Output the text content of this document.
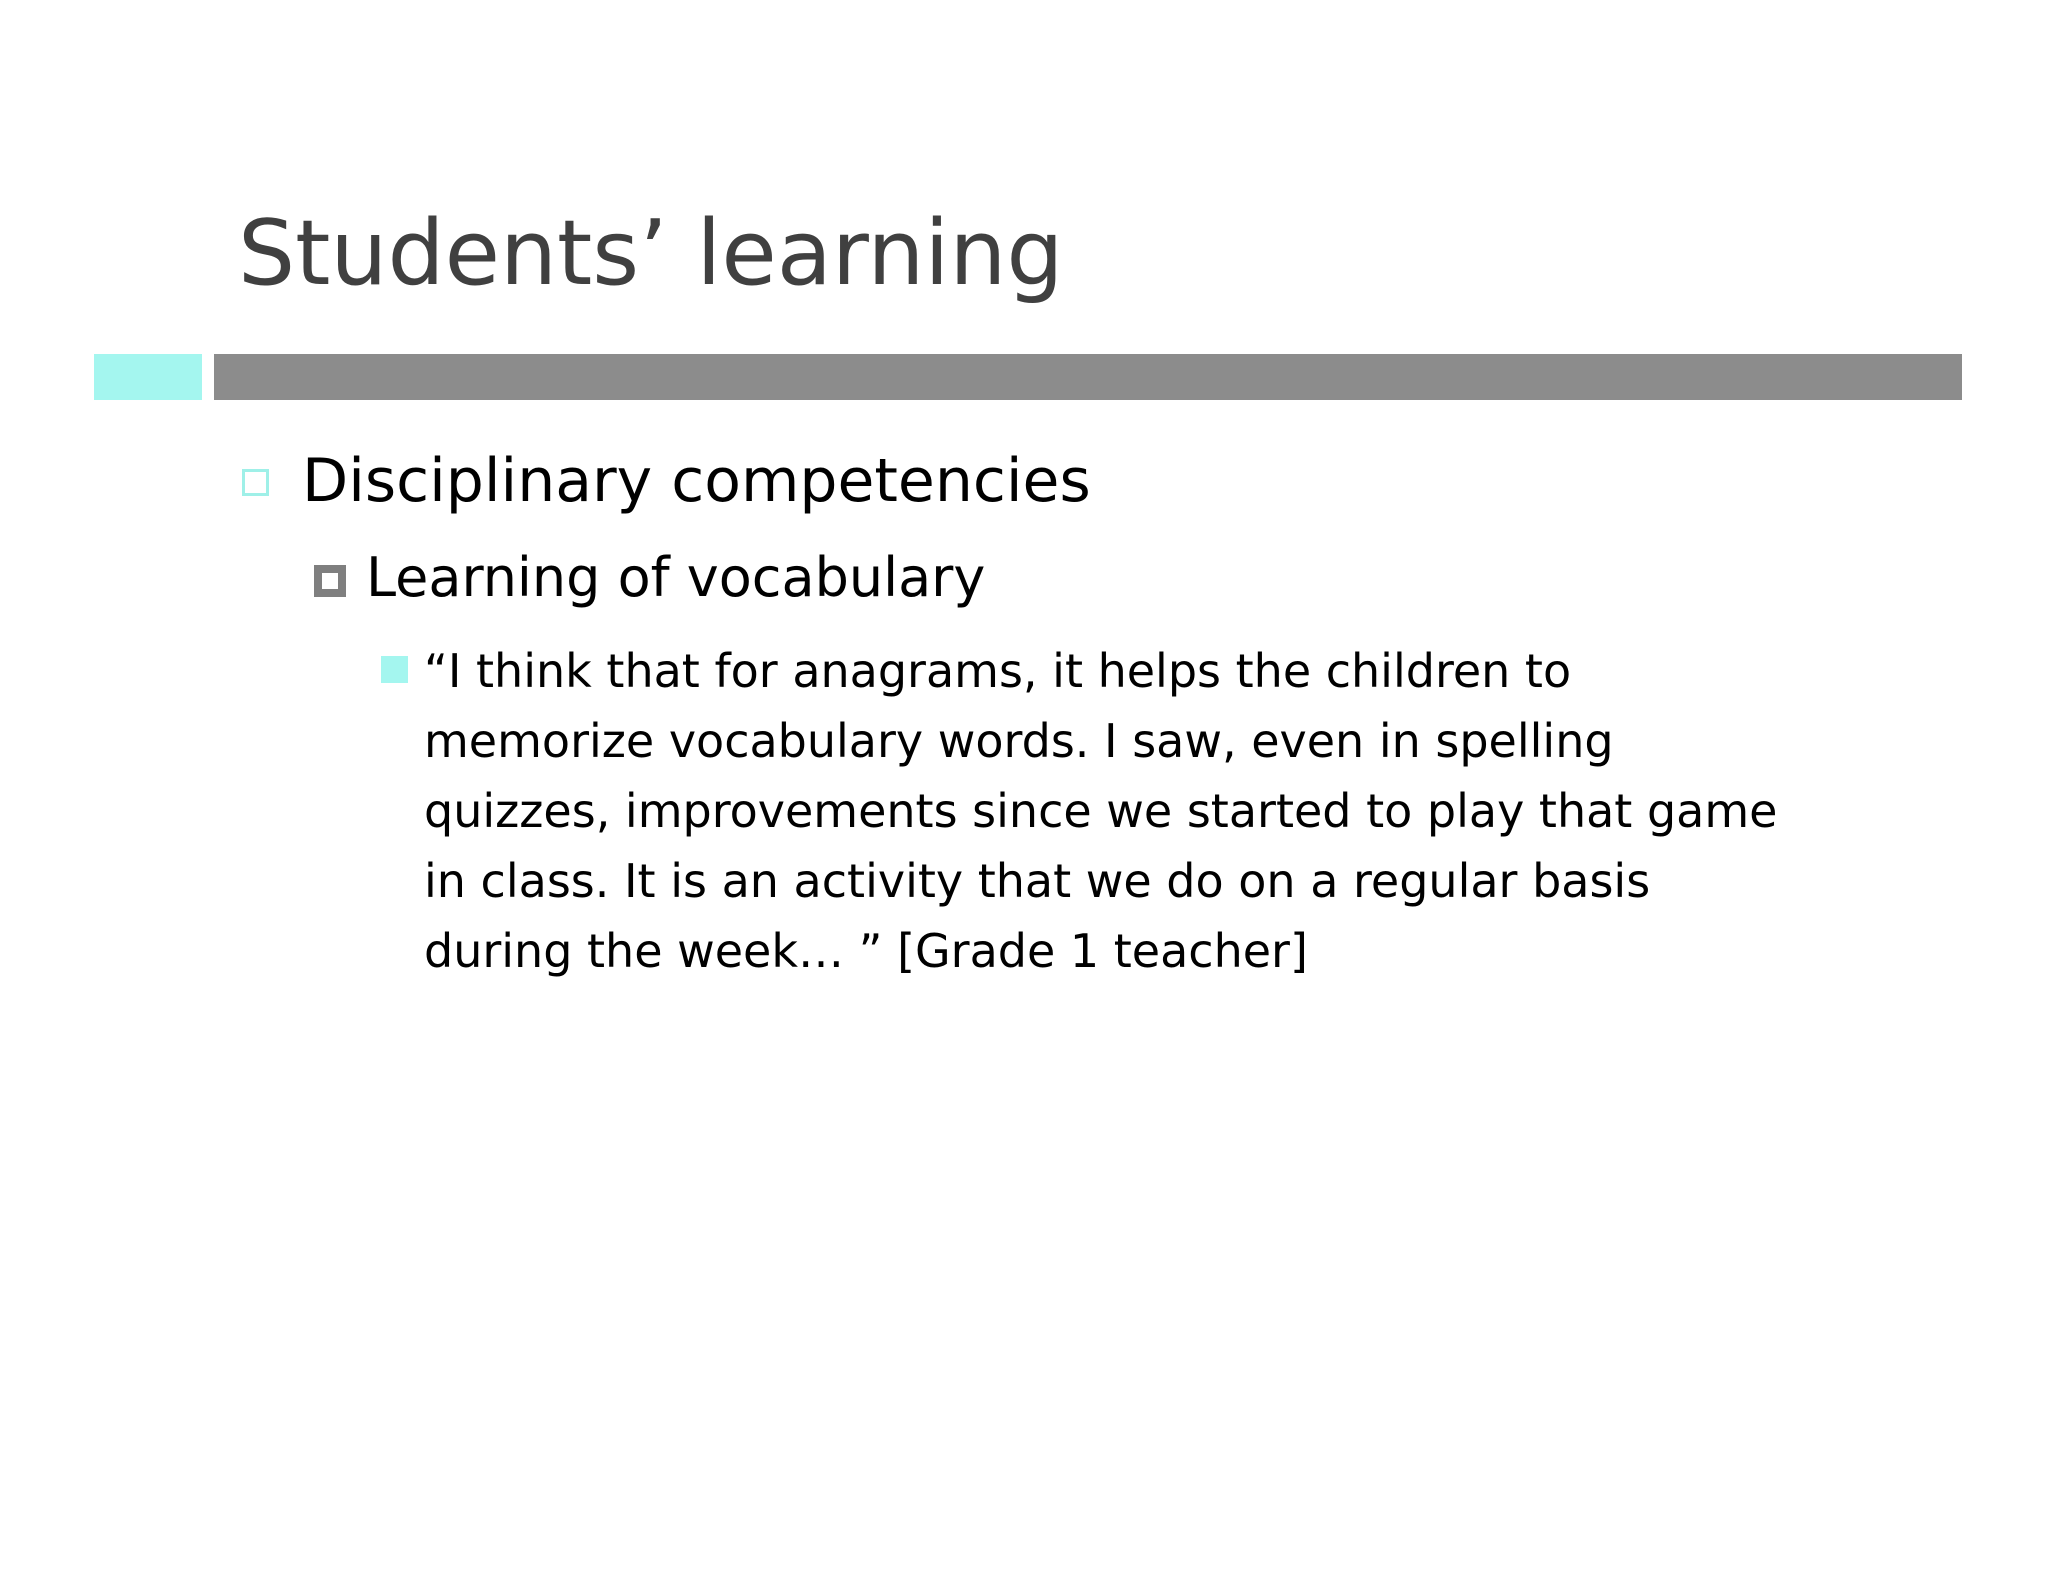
Students’ learning
Disciplinary competencies
Learning of vocabulary
“I think that for anagrams, it helps the children to
memorize vocabulary words. I saw, even in spelling
quizzes, improvements since we started to play that game
in class. It is an activity that we do on a regular basis
during the week… ” [Grade 1 teacher]
